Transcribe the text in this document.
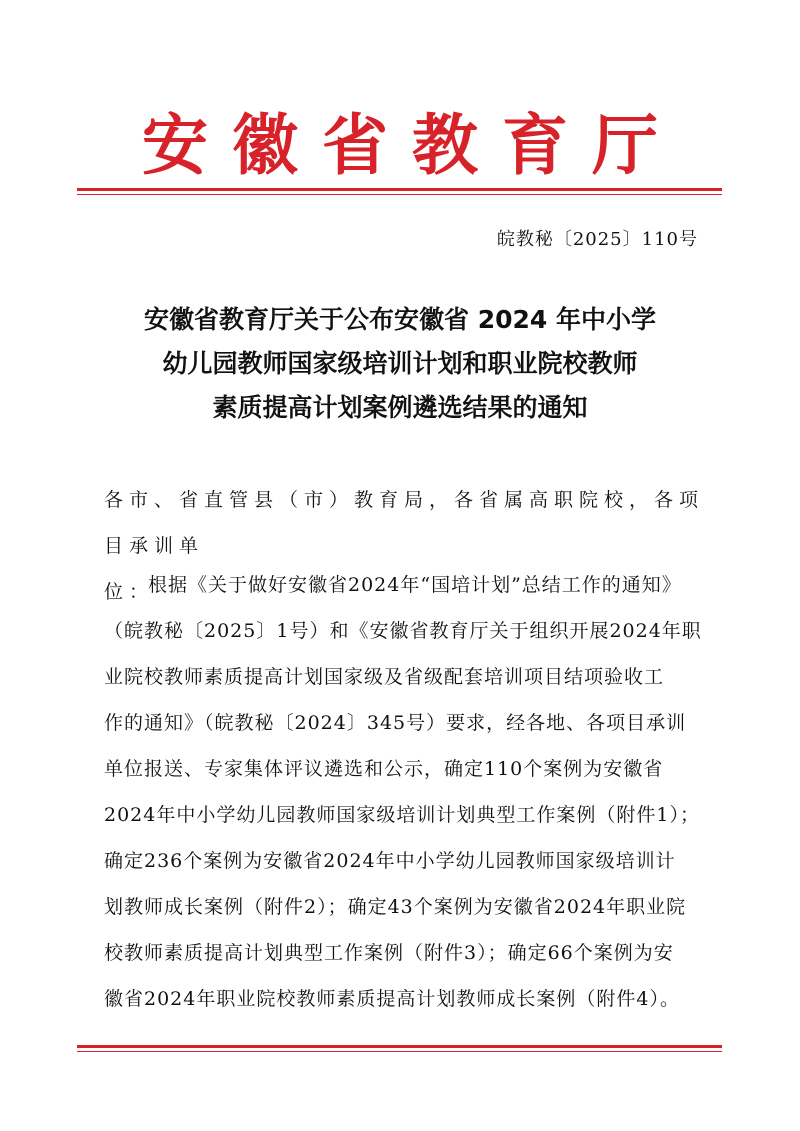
安徽省教育厅
皖教秘〔2025〕110号
安徽省教育厅关于公布安徽省 2024 年中小学
幼儿园教师国家级培训计划和职业院校教师
素质提高计划案例遴选结果的通知
各市、省直管县（市）教育局，各省属高职院校，各项目承训单
位：
根据《关于做好安徽省2024年“国培计划”总结工作的通知》
（皖教秘〔2025〕1号）和《安徽省教育厅关于组织开展2024年职
业院校教师素质提高计划国家级及省级配套培训项目结项验收工
作的通知》（皖教秘〔2024〕345号）要求，经各地、各项目承训
单位报送、专家集体评议遴选和公示，确定110个案例为安徽省
2024年中小学幼儿园教师国家级培训计划典型工作案例（附件1）；
确定236个案例为安徽省2024年中小学幼儿园教师国家级培训计
划教师成长案例（附件2）；确定43个案例为安徽省2024年职业院
校教师素质提高计划典型工作案例（附件3）；确定66个案例为安
徽省2024年职业院校教师素质提高计划教师成长案例（附件4）。
